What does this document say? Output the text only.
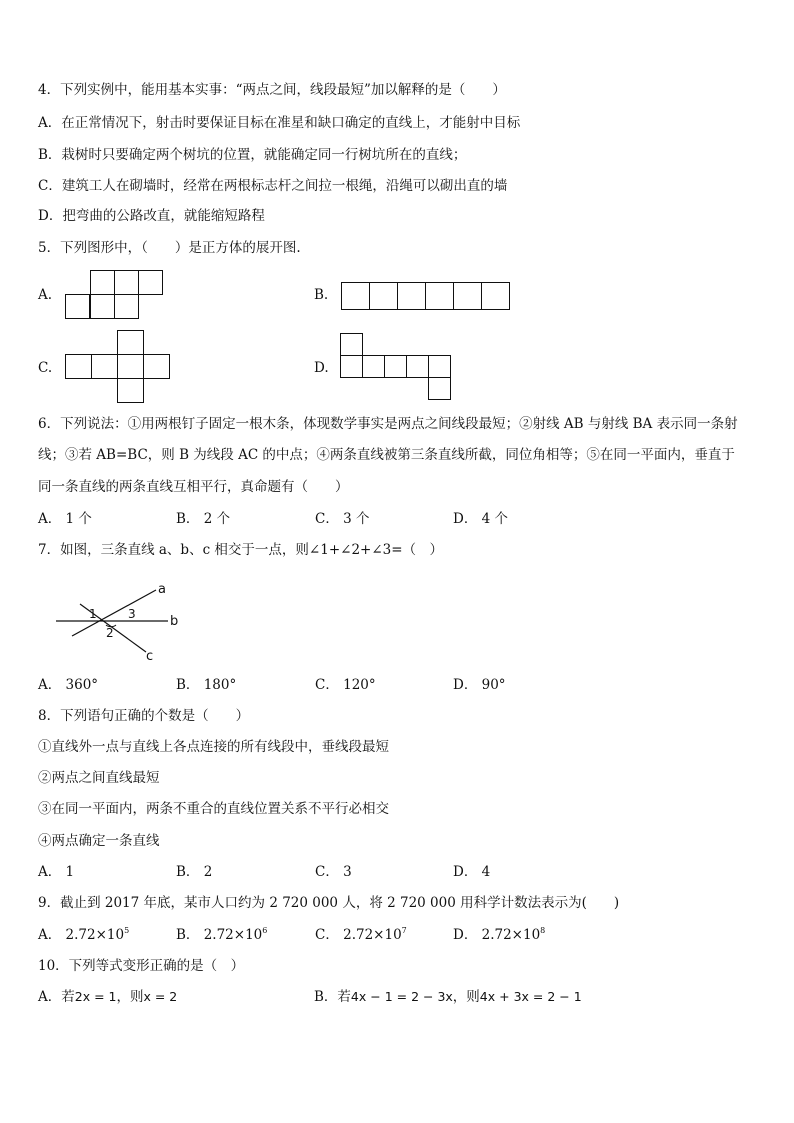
4．下列实例中，能用基本实事：“两点之间，线段最短”加以解释的是（　　）
A．在正常情况下，射击时要保证目标在准星和缺口确定的直线上，才能射中目标
B．栽树时只要确定两个树坑的位置，就能确定同一行树坑所在的直线；
C．建筑工人在砌墙时，经常在两根标志杆之间拉一根绳，沿绳可以砌出直的墙
D．把弯曲的公路改直，就能缩短路程
5．下列图形中，（　　）是正方体的展开图.
A.	B.
C.	D.
6．下列说法：①用两根钉子固定一根木条，体现数学事实是两点之间线段最短；②射线 AB 与射线 BA 表示同一条射
线；③若 AB=BC，则 B 为线段 AC 的中点；④两条直线被第三条直线所截，同位角相等；⑤在同一平面内，垂直于
同一条直线的两条直线互相平行，真命题有（　　）
A． 1 个	B． 2 个	C． 3 个	D． 4 个
7．如图，三条直线 a、b、c 相交于一点，则∠1+∠2+∠3=（　）
a
b
c
1
2
3
A． 360°	B． 180°	C． 120°	D． 90°
8．下列语句正确的个数是（　　）
①直线外一点与直线上各点连接的所有线段中，垂线段最短
②两点之间直线最短
③在同一平面内，两条不重合的直线位置关系不平行必相交
④两点确定一条直线
A． 1	B． 2	C． 3	D． 4
9．截止到 2017 年底，某市人口约为 2 720 000 人，将 2 720 000 用科学计数法表示为(　　)
A． $2.72\times 10^5$	B． $2.72\times 10^6$	C． $2.72\times 10^7$	D． $2.72\times 10^8$
10．下列等式变形正确的是（　）
A．若2x = 1，则x = 2	B．若4x − 1 = 2 − 3x，则4x + 3x = 2 − 1
